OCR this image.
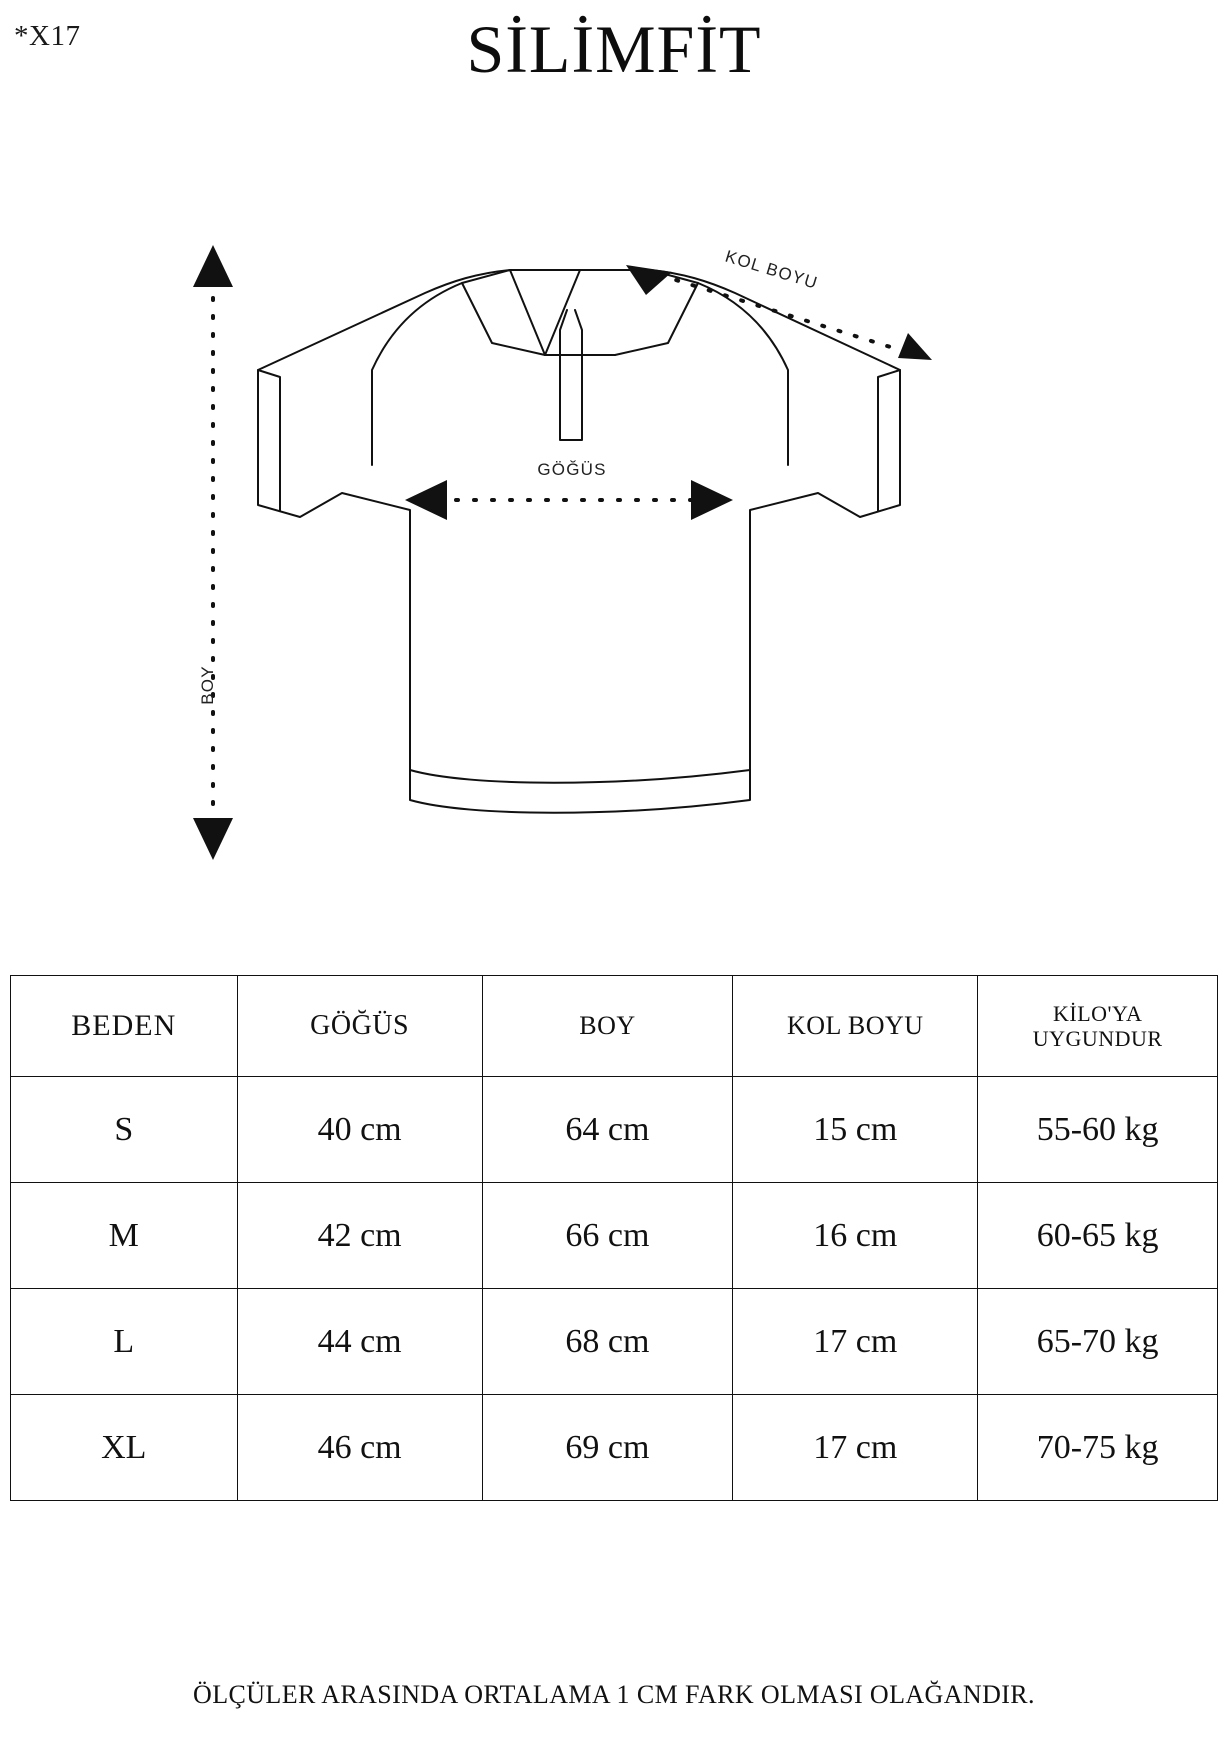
*X17	SİLİMFİT
BOY
GÖĞÜS
KOL BOYU
BEDEN	GÖĞÜS	BOY	KOL BOYU	KİLO'YA
UYGUNDUR

S	40 cm	64 cm	15 cm	55-60 kg
M	42 cm	66 cm	16 cm	60-65 kg
L	44 cm	68 cm	17 cm	65-70 kg
XL	46 cm	69 cm	17 cm	70-75 kg
ÖLÇÜLER ARASINDA ORTALAMA 1 CM FARK OLMASI OLAĞANDIR.
